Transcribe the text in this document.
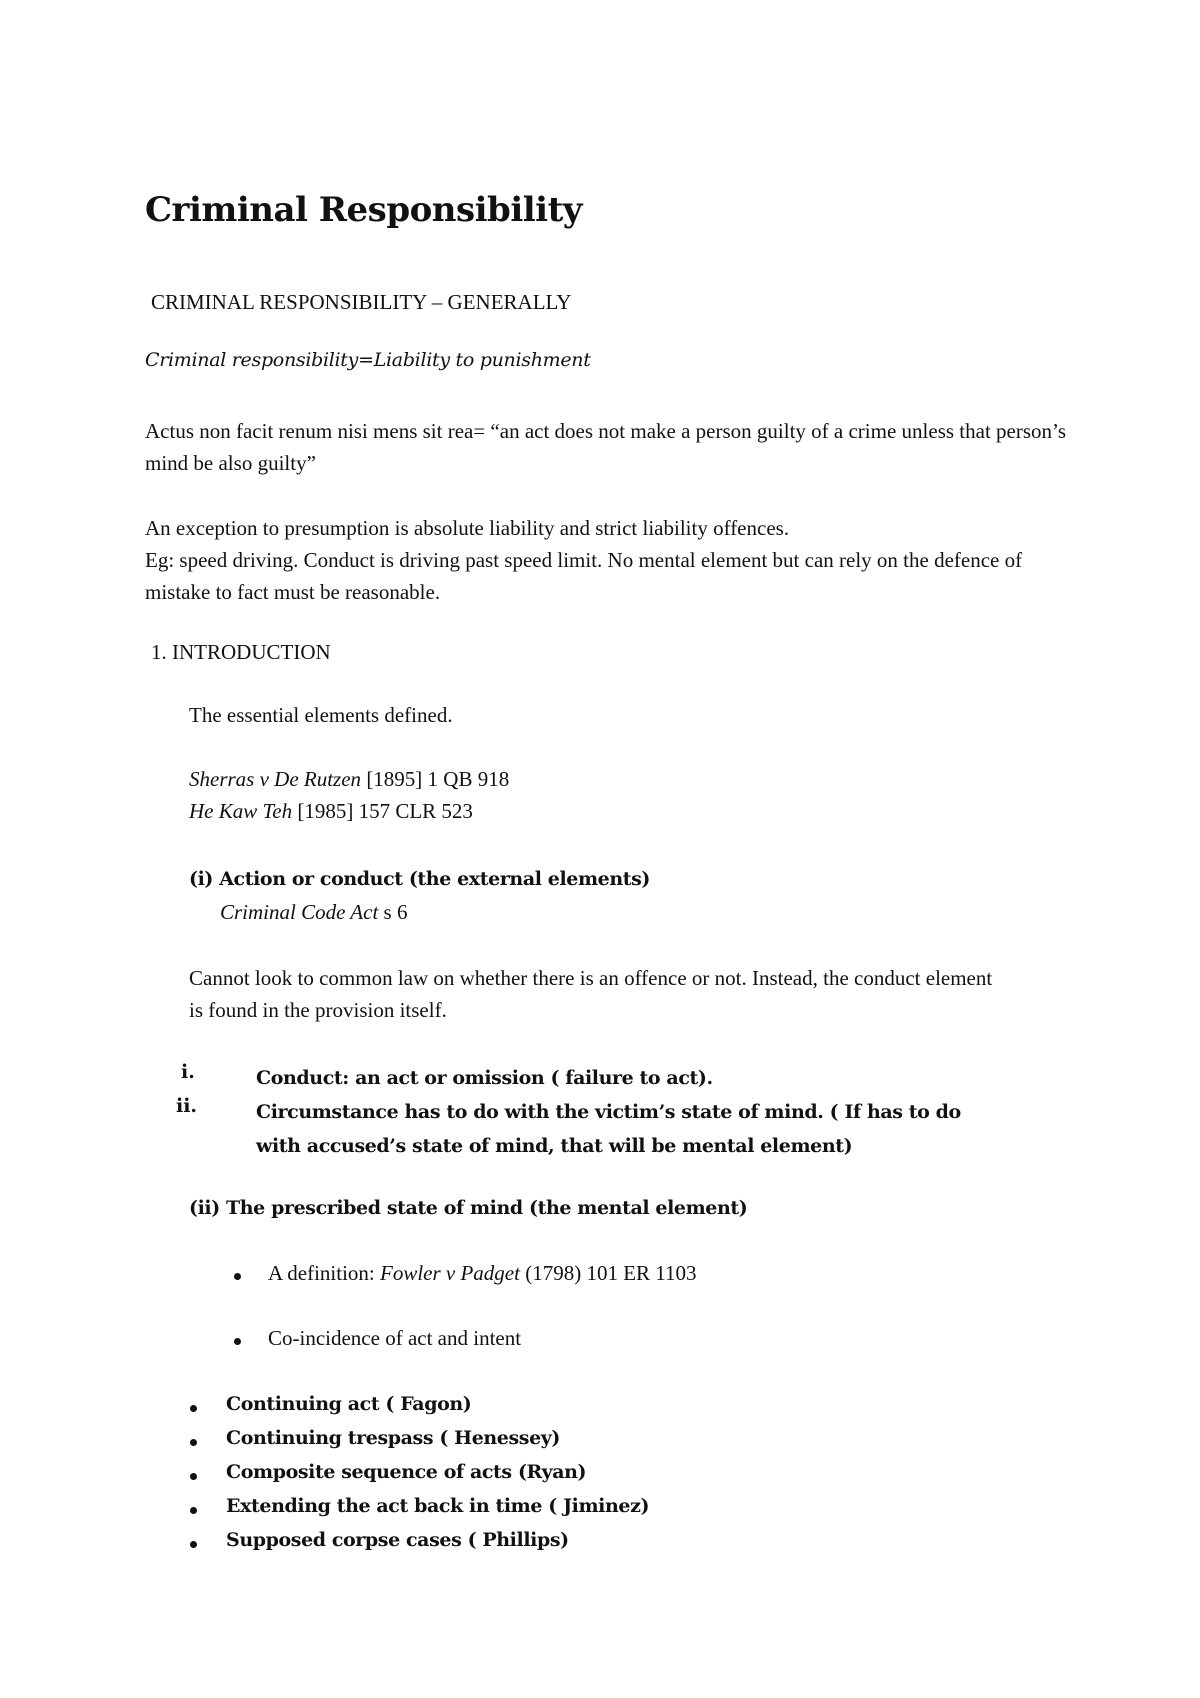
Criminal Responsibility
CRIMINAL RESPONSIBILITY – GENERALLY
Criminal responsibility=Liability to punishment
Actus non facit renum nisi mens sit rea= “an act does not make a person guilty of a crime unless that person’s mind be also guilty”
An exception to presumption is absolute liability and strict liability offences.
Eg: speed driving. Conduct is driving past speed limit. No mental element but can rely on the defence of mistake to fact must be reasonable.
1. INTRODUCTION
The essential elements defined.
Sherras v De Rutzen [1895] 1 QB 918
He Kaw Teh [1985] 157 CLR 523
(i) Action or conduct (the external elements)
Criminal Code Act s 6
Cannot look to common law on whether there is an offence or not. Instead, the conduct element is found in the provision itself.
i.	Conduct: an act or omission ( failure to act).
ii.	Circumstance has to do with the victim’s state of mind. ( If has to do
with accused’s state of mind, that will be mental element)
(ii) The prescribed state of mind (the mental element)
A definition: Fowler v Padget (1798) 101 ER 1103
Co-incidence of act and intent
Continuing act ( Fagon)
Continuing trespass ( Henessey)
Composite sequence of acts (Ryan)
Extending the act back in time ( Jiminez)
Supposed corpse cases ( Phillips)
